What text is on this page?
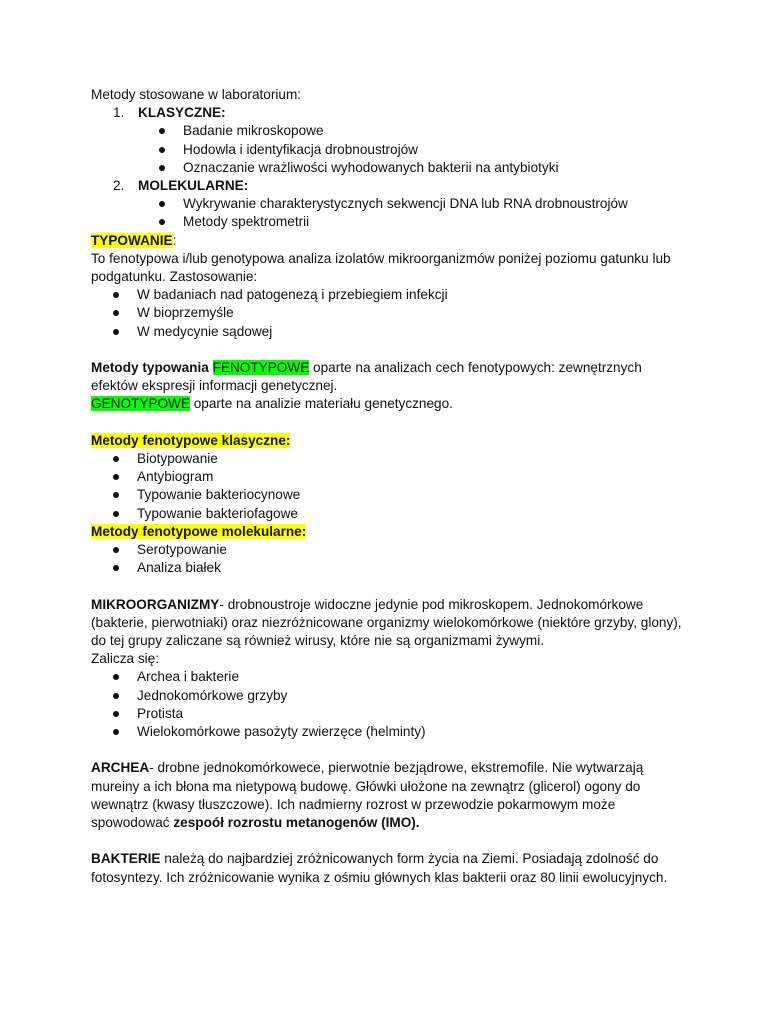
Metody stosowane w laboratorium:

1. KLASYCZNE:
Badanie mikroskopowe
Hodowla i identyfikacja drobnoustrojów
Oznaczanie wrażliwości wyhodowanych bakterii na antybiotyki
2. MOLEKULARNE:
Wykrywanie charakterystycznych sekwencji DNA lub RNA drobnoustrojów
Metody spektrometrii

TYPOWANIE:

To fenotypowa i/lub genotypowa analiza izolatów mikroorganizmów poniżej poziomu gatunku lub podgatunku. Zastosowanie:

W badaniach nad patogenezą i przebiegiem infekcji
W bioprzemyśle
W medycynie sądowej

Metody typowania FENOTYPOWE oparte na analizach cech fenotypowych: zewnętrznych efektów ekspresji informacji genetycznej.

GENOTYPOWE oparte na analizie materiału genetycznego.

Metody fenotypowe klasyczne:

Biotypowanie
Antybiogram
Typowanie bakteriocynowe
Typowanie bakteriofagowe

Metody fenotypowe molekularne:

Serotypowanie
Analiza białek

MIKROORGANIZMY- drobnoustroje widoczne jedynie pod mikroskopem. Jednokomórkowe (bakterie, pierwotniaki) oraz niezróżnicowane organizmy wielokomórkowe (niektóre grzyby, glony), do tej grupy zaliczane są również wirusy, które nie są organizmami żywymi.

Zalicza się:

Archea i bakterie
Jednokomórkowe grzyby
Protista
Wielokomórkowe pasożyty zwierzęce (helminty)

ARCHEA- drobne jednokomórkowece, pierwotnie bezjądrowe, ekstremofile. Nie wytwarzają mureiny a ich błona ma nietypową budowę. Główki ułożone na zewnątrz (glicerol) ogony do wewnątrz (kwasy tłuszczowe). Ich nadmierny rozrost w przewodzie pokarmowym może spowodować zespoół rozrostu metanogenów (IMO).

BAKTERIE należą do najbardziej zróżnicowanych form życia na Ziemi. Posiadają zdolność do fotosyntezy. Ich zróżnicowanie wynika z ośmiu głównych klas bakterii oraz 80 linii ewolucyjnych.
